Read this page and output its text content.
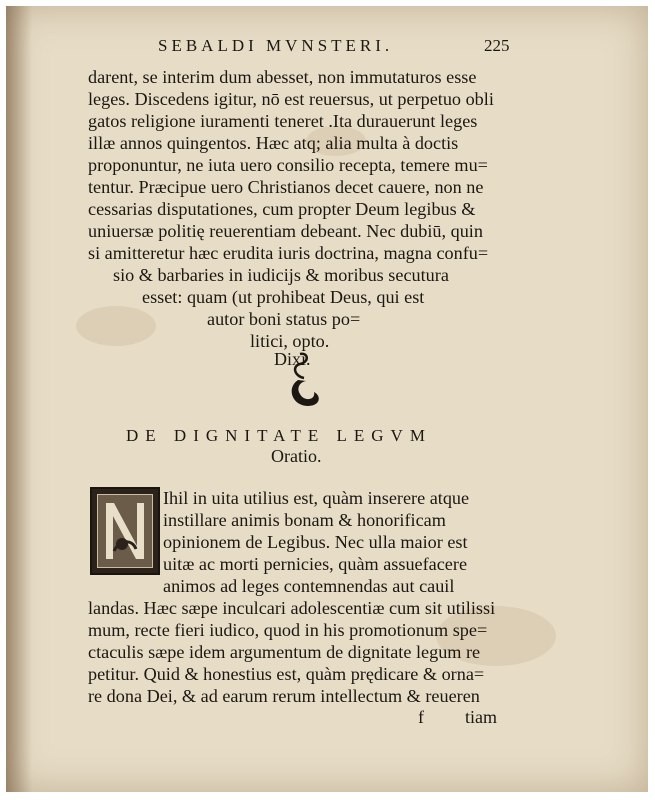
SEBALDI MVNSTERI.	225
darent, se interim dum abesset, non immutaturos esse
leges. Discedens igitur, nō est reuersus, ut perpetuo obli
gatos religione iuramenti teneret .Ita durauerunt leges
illæ annos quingentos. Hæc atq; alia multa à doctis
proponuntur, ne iuta uero consilio recepta, temere mu=
tentur. Præcipue uero Christianos decet cauere, non ne
cessarias disputationes, cum propter Deum legibus &
uniuersæ politię reuerentiam debeant. Nec dubiū, quin
si amitteretur hæc erudita iuris doctrina, magna confu=
sio & barbaries in iudicijs & moribus secutura
esset: quam (ut prohibeat Deus, qui est
autor boni status po=
litici, opto.
Dixi.
DE DIGNITATE LEGVM
Oratio.
Ihil in uita utilius est, quàm inserere atque
instillare animis bonam & honorificam
opinionem de Legibus. Nec ulla maior est
uitæ ac morti pernicies, quàm assuefacere
animos ad leges contemnendas aut cauil
landas. Hæc sæpe inculcari adolescentiæ cum sit utilissi
mum, recte fieri iudico, quod in his promotionum spe=
ctaculis sæpe idem argumentum de dignitate legum re
petitur. Quid & honestius est, quàm prędicare & orna=
re dona Dei, & ad earum rerum intellectum & reueren
f tiam
